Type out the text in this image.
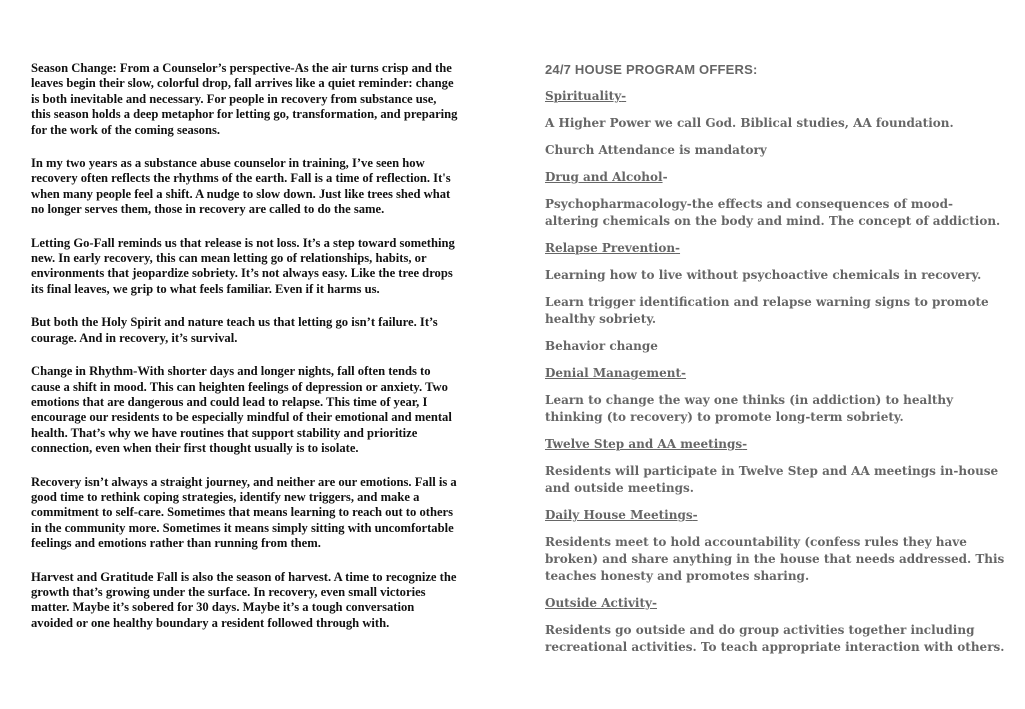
Season Change: From a Counselor’s perspective-As the air turns crisp and the leaves begin their slow, colorful drop, fall arrives like a quiet reminder: change is both inevitable and necessary. For people in recovery from substance use, this season holds a deep metaphor for letting go, transformation, and preparing for the work of the coming seasons.

In my two years as a substance abuse counselor in training, I’ve seen how recovery often reflects the rhythms of the earth. Fall is a time of reflection. It's when many people feel a shift. A nudge to slow down. Just like trees shed what no longer serves them, those in recovery are called to do the same.

Letting Go-Fall reminds us that release is not loss. It’s a step toward something new. In early recovery, this can mean letting go of relationships, habits, or environments that jeopardize sobriety. It’s not always easy. Like the tree drops its final leaves, we grip to what feels familiar. Even if it harms us.

But both the Holy Spirit and nature teach us that letting go isn’t failure. It’s courage. And in recovery, it’s survival.

Change in Rhythm-With shorter days and longer nights, fall often tends to cause a shift in mood. This can heighten feelings of depression or anxiety. Two emotions that are dangerous and could lead to relapse. This time of year, I encourage our residents to be especially mindful of their emotional and mental health. That’s why we have routines that support stability and prioritize connection, even when their first thought usually is to isolate.

Recovery isn’t always a straight journey, and neither are our emotions. Fall is a good time to rethink coping strategies, identify new triggers, and make a commitment to self-care. Sometimes that means learning to reach out to others in the community more. Sometimes it means simply sitting with uncomfortable feelings and emotions rather than running from them.

Harvest and Gratitude Fall is also the season of harvest. A time to recognize the growth that’s growing under the surface. In recovery, even small victories matter. Maybe it’s sobered for 30 days. Maybe it’s a tough conversation avoided or one healthy boundary a resident followed through with.

24/7 HOUSE PROGRAM OFFERS:
Spirituality-

A Higher Power we call God. Biblical studies, AA foundation.

Church Attendance is mandatory

Drug and Alcohol-

Psychopharmacology-the effects and consequences of mood-altering chemicals on the body and mind. The concept of addiction.

Relapse Prevention-

Learning how to live without psychoactive chemicals in recovery.

Learn trigger identification and relapse warning signs to promote healthy sobriety.

Behavior change

Denial Management-

Learn to change the way one thinks (in addiction) to healthy thinking (to recovery) to promote long-term sobriety.

Twelve Step and AA meetings-

Residents will participate in Twelve Step and AA meetings in-house and outside meetings.

Daily House Meetings-

Residents meet to hold accountability (confess rules they have broken) and share anything in the house that needs addressed. This teaches honesty and promotes sharing.

Outside Activity-

Residents go outside and do group activities together including recreational activities. To teach appropriate interaction with others.
